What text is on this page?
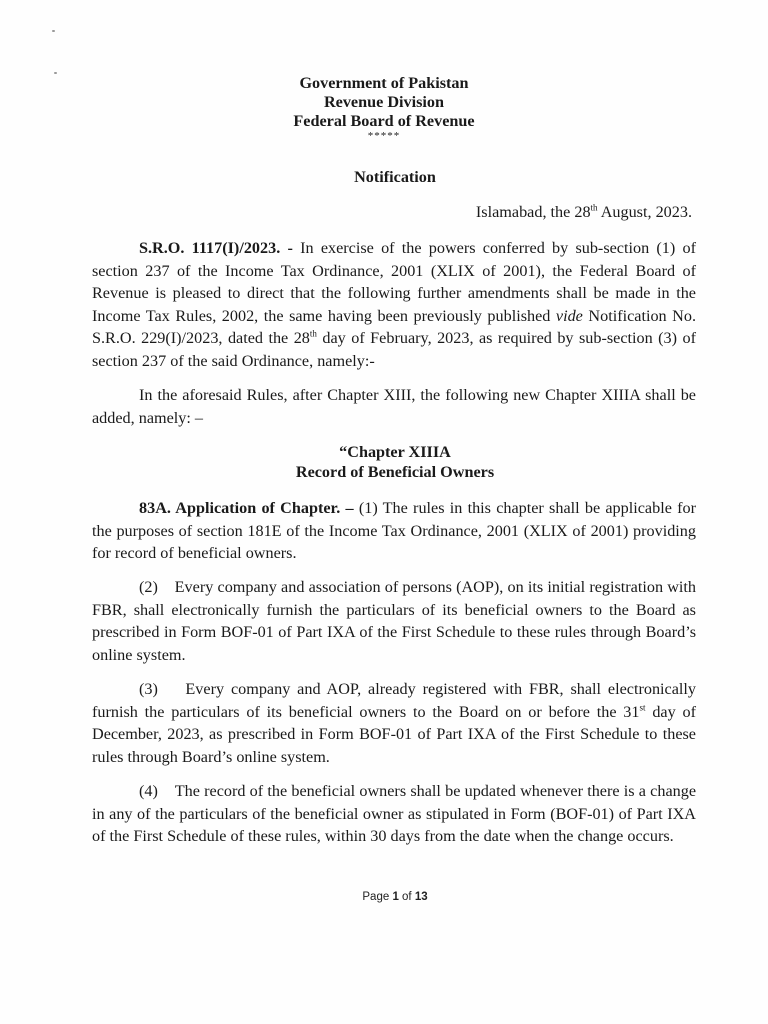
Government of Pakistan
Revenue Division
Federal Board of Revenue
*****
Notification
Islamabad, the 28th August, 2023.

S.R.O. 1117(I)/2023. - In exercise of the powers conferred by sub-section (1) of section 237 of the Income Tax Ordinance, 2001 (XLIX of 2001), the Federal Board of Revenue is pleased to direct that the following further amendments shall be made in the Income Tax Rules, 2002, the same having been previously published vide Notification No. S.R.O. 229(I)/2023, dated the 28th day of February, 2023, as required by sub-section (3) of section 237 of the said Ordinance, namely:-

In the aforesaid Rules, after Chapter XIII, the following new Chapter XIIIA shall be added, namely: –

“Chapter XIIIA
Record of Beneficial Owners

83A. Application of Chapter. – (1) The rules in this chapter shall be applicable for the purposes of section 181E of the Income Tax Ordinance, 2001 (XLIX of 2001) providing for record of beneficial owners.

(2) Every company and association of persons (AOP), on its initial registration with FBR, shall electronically furnish the particulars of its beneficial owners to the Board as prescribed in Form BOF-01 of Part IXA of the First Schedule to these rules through Board’s online system.

(3) Every company and AOP, already registered with FBR, shall electronically furnish the particulars of its beneficial owners to the Board on or before the 31st day of December, 2023, as prescribed in Form BOF-01 of Part IXA of the First Schedule to these rules through Board’s online system.

(4) The record of the beneficial owners shall be updated whenever there is a change in any of the particulars of the beneficial owner as stipulated in Form (BOF-01) of Part IXA of the First Schedule of these rules, within 30 days from the date when the change occurs.

Page 1 of 13
